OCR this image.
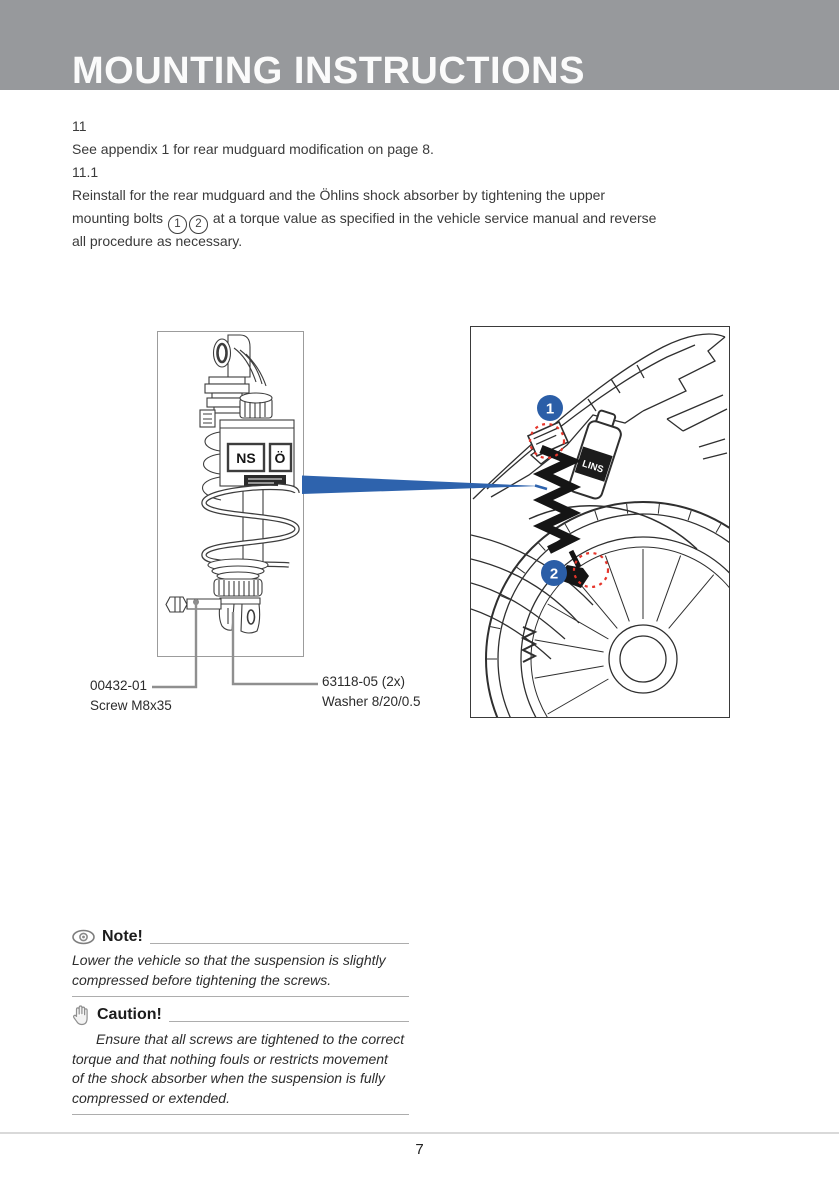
MOUNTING INSTRUCTIONS
11
See appendix 1 for rear mudguard modification on page 8.
11.1
Reinstall for the rear mudguard and the Öhlins shock absorber by tightening the upper
mounting bolts 1 2 at a torque value as specified in the vehicle service manual and reverse
all procedure as necessary.
NS Ö
LINS
1
2
00432-01
Screw M8x35
63118-05 (2x)
Washer 8/20/0.5
Note!
Lower the vehicle so that the suspension is slightly
compressed before tightening the screws.
Caution!
Ensure that all screws are tightened to the correct
torque and that nothing fouls or restricts movement
of the shock absorber when the suspension is fully
compressed or extended.
7
